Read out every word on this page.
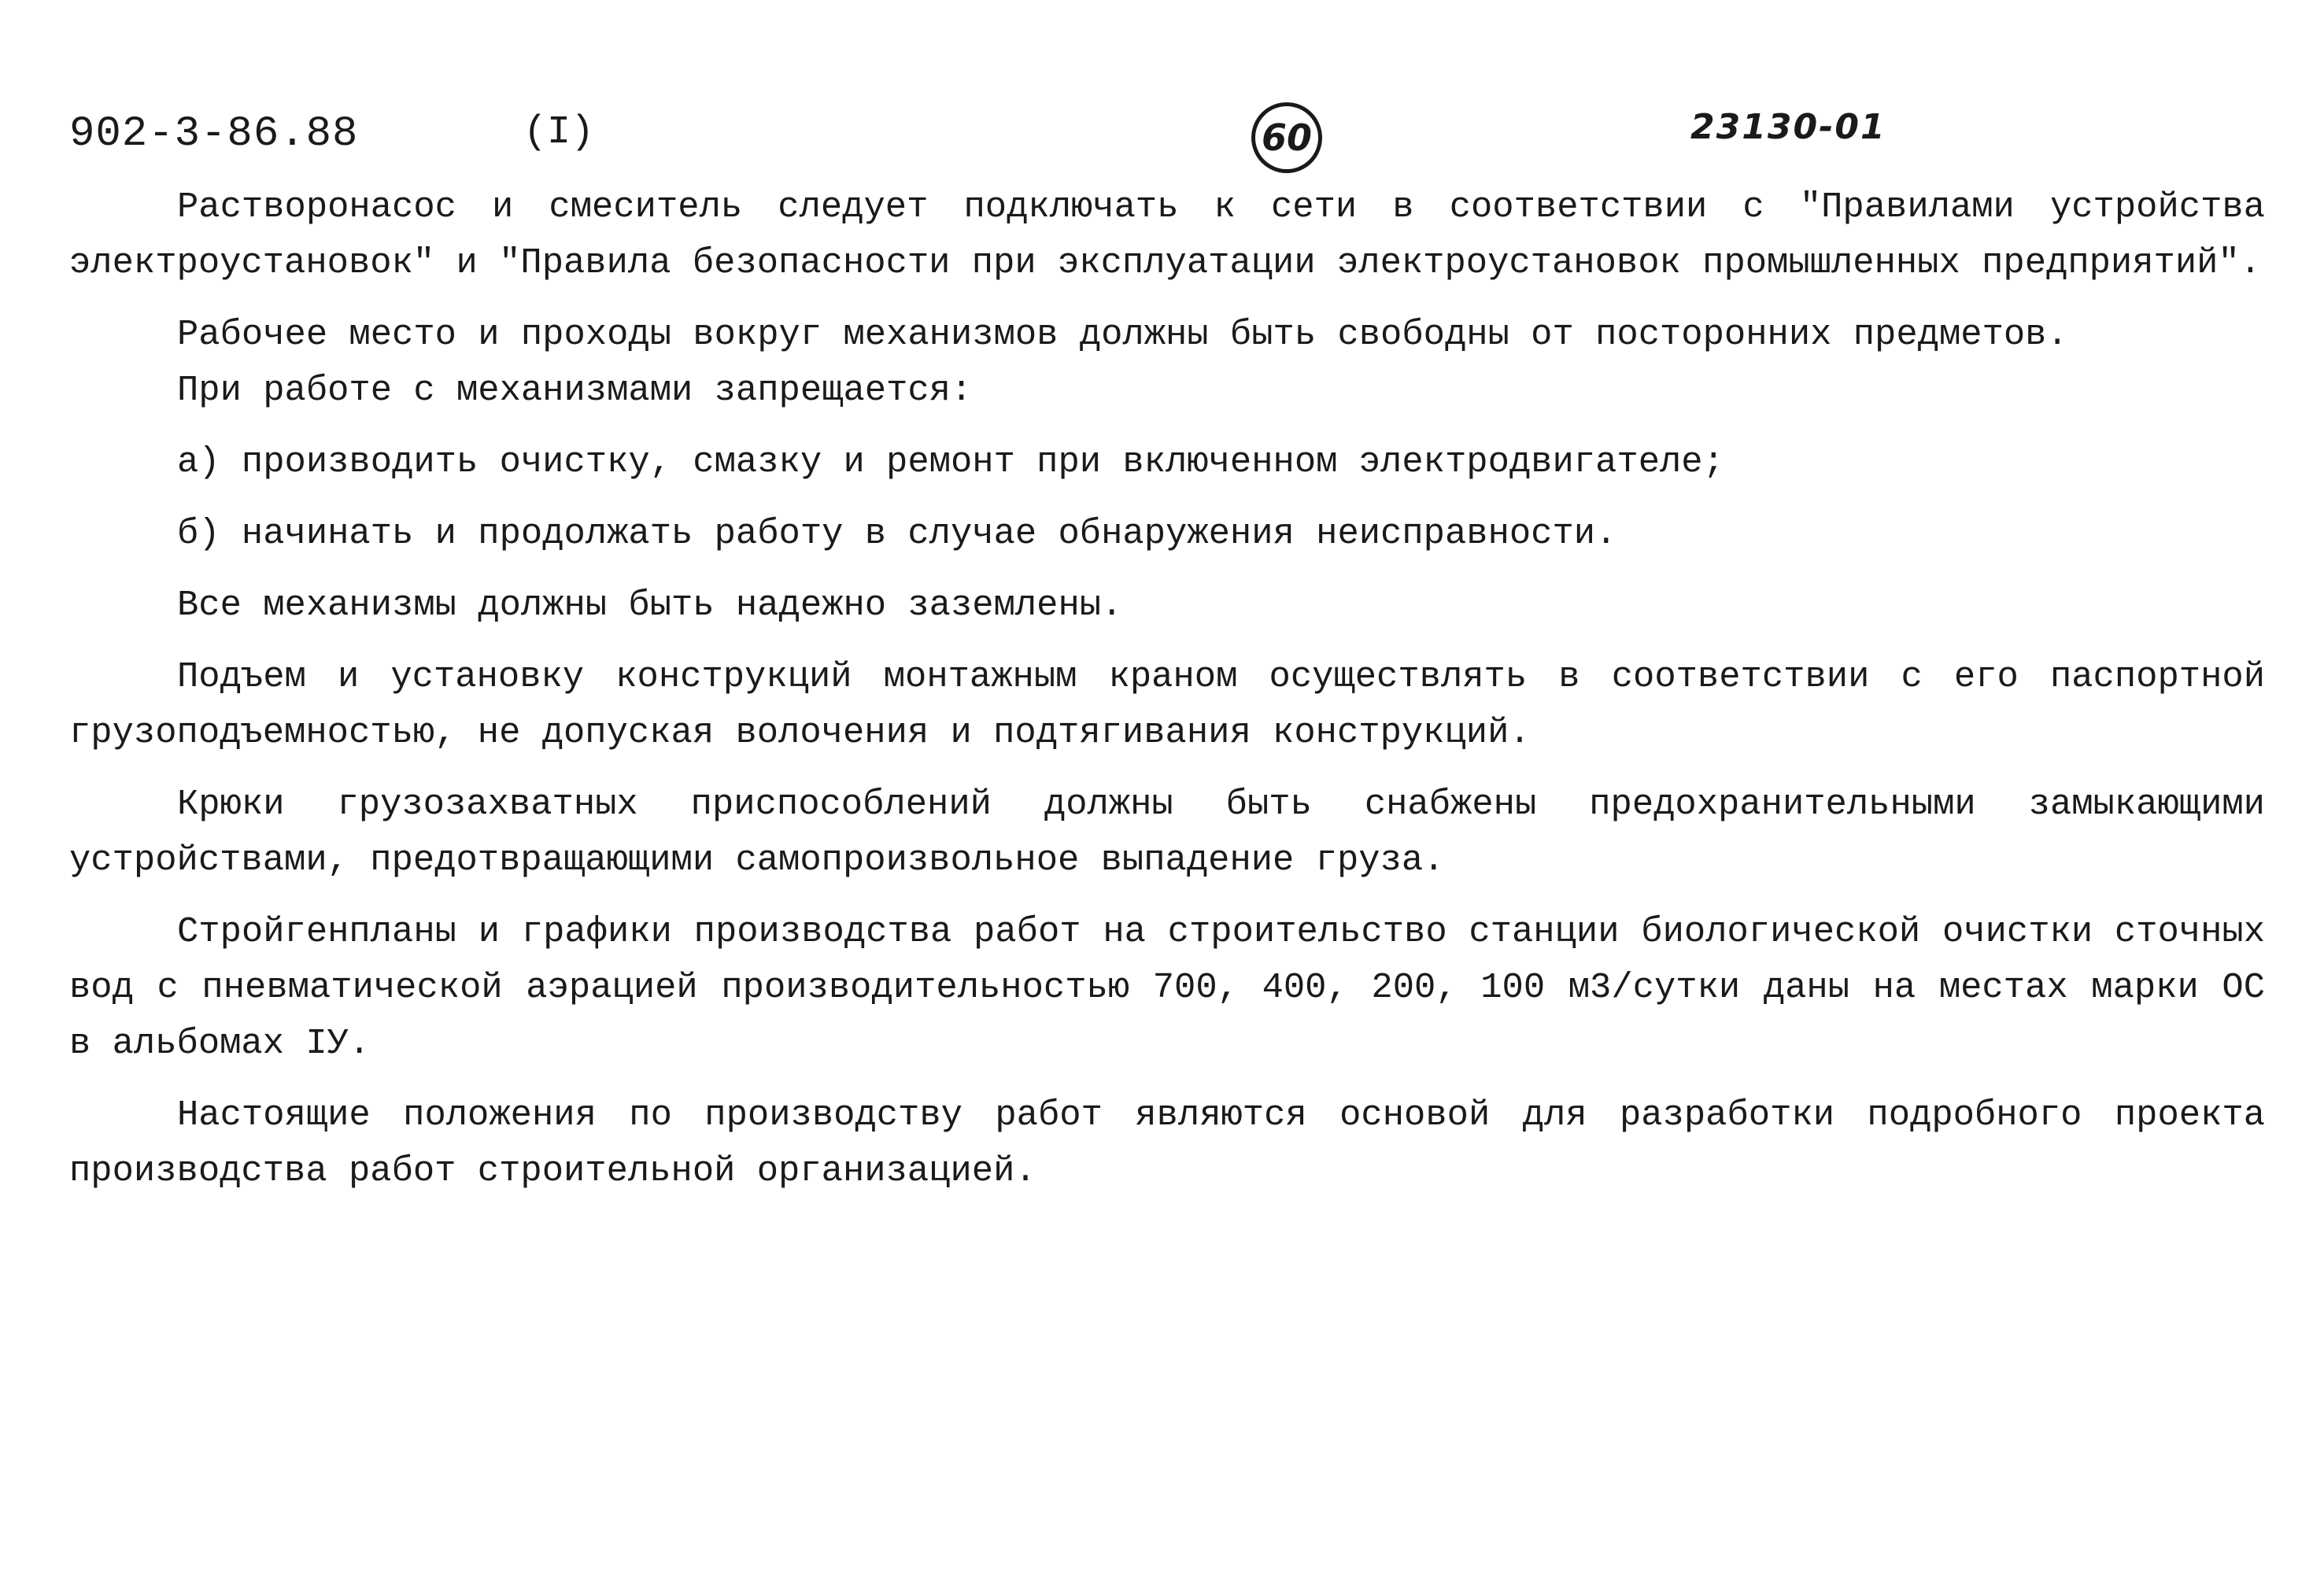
902-3-86.88	(I)	60	23130-01

Растворонасос и смеситель следует подключать к сети в соответствии с "Правилами устройства электроустановок" и "Правила безопасности при эксплуатации электроустановок промышленных предприятий".

Рабочее место и проходы вокруг механизмов должны быть свободны от посторонних предметов.

При работе с механизмами запрещается:

а) производить очистку, смазку и ремонт при включенном электродвигателе;

б) начинать и продолжать работу в случае обнаружения неисправности.

Все механизмы должны быть надежно заземлены.

Подъем и установку конструкций монтажным краном осуществлять в соответствии с его паспортной грузоподъемностью, не допуская волочения и подтягивания конструкций.

Крюки грузозахватных приспособлений должны быть снабжены предохранительными замыкающими устройствами, предотвращающими самопроизвольное выпадение груза.

Стройгенпланы и графики производства работ на строительство станции биологической очистки сточных вод с пневматической аэрацией производительностью 700, 400, 200, 100 м3/сутки даны на местах марки ОС в альбомах IУ.

Настоящие положения по производству работ являются основой для разработки подробного проекта производства работ строительной организацией.
